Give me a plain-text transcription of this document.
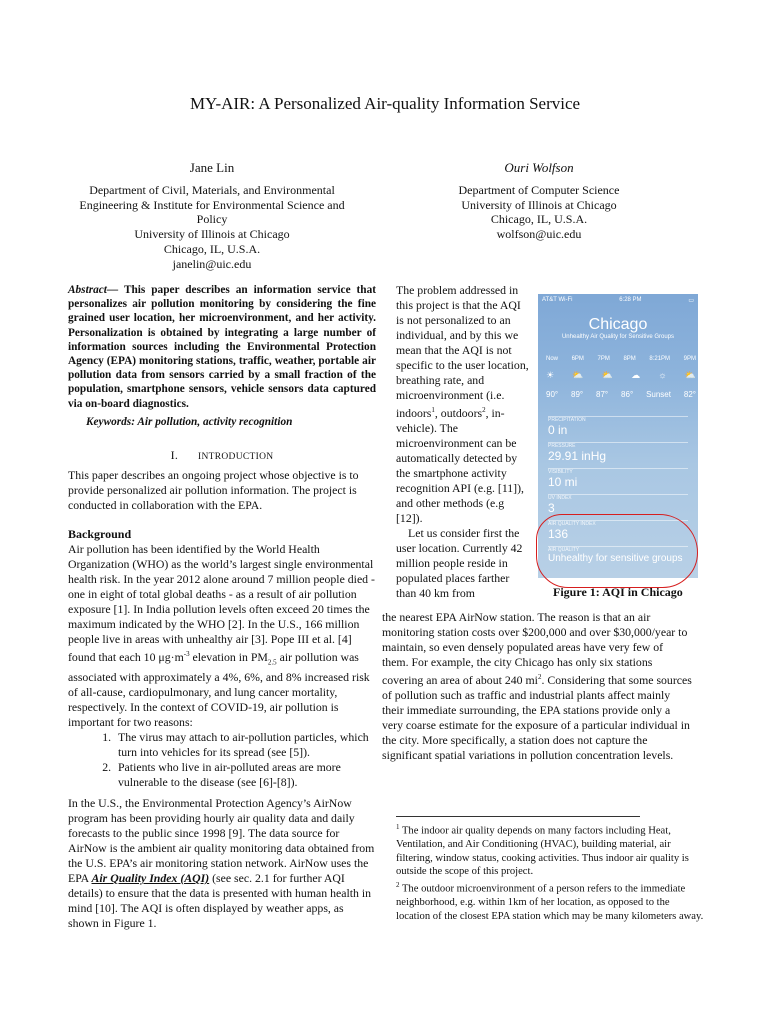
MY-AIR: A Personalized Air-quality Information Service
Jane Lin
Department of Civil, Materials, and Environmental
Engineering & Institute for Environmental Science and
Policy
University of Illinois at Chicago
Chicago, IL, U.S.A.
janelin@uic.edu
Ouri Wolfson
Department of Computer Science
University of Illinois at Chicago
Chicago, IL, U.S.A.
wolfson@uic.edu
Abstract— This paper describes an information service that personalizes air pollution monitoring by considering the fine grained user location, her microenvironment, and her activity. Personalization is obtained by integrating a large number of information sources including the Environmental Protection Agency (EPA) monitoring stations, traffic, weather, portable air pollution data from sensors carried by a small fraction of the population, smartphone sensors, vehicle sensors data captured via on-board diagnostics.
Keywords: Air pollution, activity recognition
I. INTRODUCTION
This paper describes an ongoing project whose objective is to provide personalized air pollution information. The project is conducted in collaboration with the EPA.
Background

Air pollution has been identified by the World Health Organization (WHO) as the world’s largest single environmental health risk. In the year 2012 alone around 7 million people died - one in eight of total global deaths - as a result of air pollution exposure [1]. In India pollution levels often exceed 20 times the maximum indicated by the WHO [2]. In the U.S., 166 million people live in areas with unhealthy air [3]. Pope III et al. [4] found that each 10 $\mu g\cdot m^{-3}$ elevation in $PM_{2.5}$ air pollution was associated with approximately a 4%, 6%, and 8% increased risk of all-cause, cardiopulmonary, and lung cancer mortality, respectively. In the context of COVID-19, air pollution is important for two reasons:

1. The virus may attach to air-pollution particles, which turn into vehicles for its spread (see [5]).
2. Patients who live in air-polluted areas are more vulnerable to the disease (see [6]-[8]).
In the U.S., the Environmental Protection Agency’s AirNow program has been providing hourly air quality data and daily forecasts to the public since 1998 [9]. The data source for AirNow is the ambient air quality monitoring data obtained from the U.S. EPA’s air monitoring station network. AirNow uses the EPA Air Quality Index (AQI) (see sec. 2.1 for further AQI details) to ensure that the data is presented with human health in mind [10]. The AQI is often displayed by weather apps, as shown in Figure 1.

The problem addressed in this project is that the AQI is not personalized to an individual, and by this we mean that the AQI is not specific to the user location, breathing rate, and microenvironment (i.e. indoors$^1$, outdoors$^2$, in-vehicle). The microenvironment can be automatically detected by the smartphone activity recognition API (e.g. [11]), and other methods (e.g [12]).

Let us consider first the user location. Currently 42 million people reside in populated places farther than 40 km from

the nearest EPA AirNow station. The reason is that an air monitoring station costs over $200,000 and over $30,000/year to maintain, so even densely populated areas have very few of them. For example, the city Chicago has only six stations covering an area of about 240 $mi^2$. Considering that some sources of pollution such as traffic and industrial plants affect mainly their immediate surrounding, the EPA stations provide only a very coarse estimate for the exposure of a particular individual in the city. More specifically, a station does not capture the significant spatial variations in pollution concentration levels.
AT&T Wi-Fi	6:28 PM	▭
Chicago
Unhealthy Air Quality for Sensitive Groups
Now 6PM 7PM 8PM 8:21PM 9PM
☀ ⛅ ⛅ ☁ ☼ ⛅
90° 89° 87° 86° Sunset 82°
PRECIPITATION
0 in
PRESSURE
29.91 inHg
VISIBILITY
10 mi
UV INDEX
3
AIR QUALITY INDEX
136
AIR QUALITY
Unhealthy for sensitive groups
Figure 1: AQI in Chicago

$^1$ The indoor air quality depends on many factors including Heat, Ventilation, and Air Conditioning (HVAC), building material, air filtering, window status, cooking activities. Thus indoor air quality is outside the scope of this project.

$^2$ The outdoor microenvironment of a person refers to the immediate neighborhood, e.g. within 1km of her location, as opposed to the location of the closest EPA station which may be many kilometers away.
